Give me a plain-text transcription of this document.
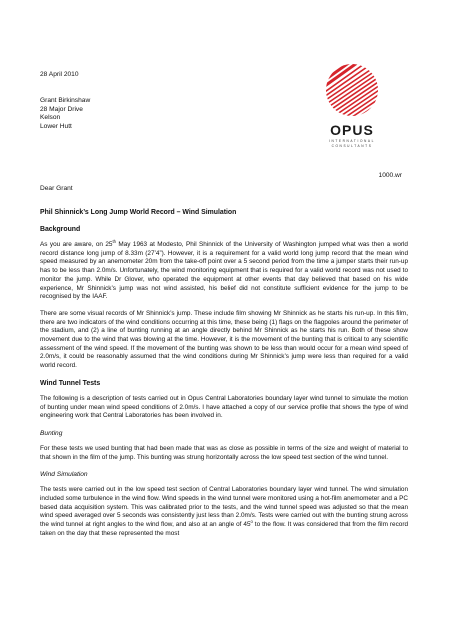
28 April 2010
Grant Birkinshaw
28 Major Drive
Kelson
Lower Hutt	OPUS
INTERNATIONAL
CONSULTANTS
1000.wr
Dear Grant
Phil Shinnick’s Long Jump World Record – Wind Simulation
Background

As you are aware, on 25th May 1963 at Modesto, Phil Shinnick of the University of Washington jumped what was then a world record distance long jump of 8.33m (27’4”). However, it is a requirement for a valid world long jump record that the mean wind speed measured by an anemometer 20m from the take-off point over a 5 second period from the time a jumper starts their run-up has to be less than 2.0m/s. Unfortunately, the wind monitoring equipment that is required for a valid world record was not used to monitor the jump. While Dr Glover, who operated the equipment at other events that day believed that based on his wide experience, Mr Shinnick’s jump was not wind assisted, his belief did not constitute sufficient evidence for the jump to be recognised by the IAAF.

There are some visual records of Mr Shinnick’s jump. These include film showing Mr Shinnick as he starts his run-up. In this film, there are two indicators of the wind conditions occurring at this time, these being (1) flags on the flagpoles around the perimeter of the stadium, and (2) a line of bunting running at an angle directly behind Mr Shinnick as he starts his run. Both of these show movement due to the wind that was blowing at the time. However, it is the movement of the bunting that is critical to any scientific assessment of the wind speed. If the movement of the bunting was shown to be less than would occur for a mean wind speed of 2.0m/s, it could be reasonably assumed that the wind conditions during Mr Shinnick’s jump were less than required for a valid world record.

Wind Tunnel Tests

The following is a description of tests carried out in Opus Central Laboratories boundary layer wind tunnel to simulate the motion of bunting under mean wind speed conditions of 2.0m/s. I have attached a copy of our service profile that shows the type of wind engineering work that Central Laboratories has been involved in.

Bunting

For these tests we used bunting that had been made that was as close as possible in terms of the size and weight of material to that shown in the film of the jump. This bunting was strung horizontally across the low speed test section of the wind tunnel.

Wind Simulation

The tests were carried out in the low speed test section of Central Laboratories boundary layer wind tunnel. The wind simulation included some turbulence in the wind flow. Wind speeds in the wind tunnel were monitored using a hot-film anemometer and a PC based data acquisition system. This was calibrated prior to the tests, and the wind tunnel speed was adjusted so that the mean wind speed averaged over 5 seconds was consistently just less than 2.0m/s. Tests were carried out with the bunting strung across the wind tunnel at right angles to the wind flow, and also at an angle of 45$^o$ to the flow. It was considered that from the film record taken on the day that these represented the most
